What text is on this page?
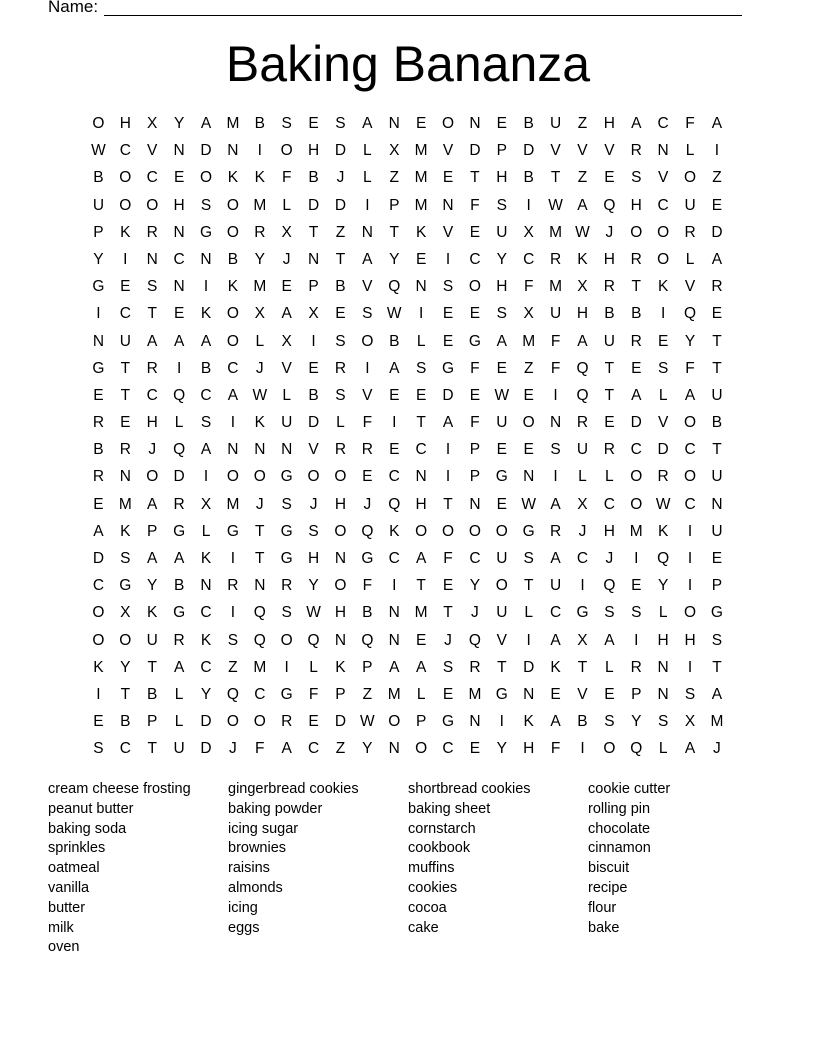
Name:
Baking Bananza
O H	X	Y	A M B	S	E	S	A	N	E	O N	E	B	U	Z	H	A	C	F	A
W C	V	N	D	N	I	O H	D	L	X M V	D	P	D	V	V	V	R	N	L	I
B	O C	E	O	K	K	F	B	J	L	Z	M E	T	H	B	T	Z	E	S	V	O	Z
U O O H	S	O M	L	D	D	I	P M N	F	S	I	W A	Q H	C	U	E
P	K	R	N G O R	X	T	Z	N	T	K	V	E	U	X M W	J	O O R	D
Y	I	N	C	N	B	Y	J	N	T	A	Y	E	I	C	Y	C	R	K	H	R O	L	A
G	E	S	N	I	K M E	P	B	V	Q N	S	O H	F	M X	R	T	K	V	R
I	C	T	E	K	O	X	A	X	E	S W	I	E	E	S	X	U	H	B	B	I	Q	E
N	U	A	A	A	O	L	X	I	S	O	B	L	E	G	A M	F	A	U	R	E	Y	T
G	T	R	I	B	C	J	V	E	R	I	A	S	G	F	E	Z	F	Q	T	E	S	F	T
E	T	C Q C	A W L	B	S	V	E	E	D	E W E	I	Q	T	A	L	A	U
R	E	H	L	S	I	K	U	D	L	F	I	T	A	F	U O N	R	E	D	V	O	B
B	R	J	Q	A	N	N	N	V	R	R	E	C	I	P	E	E	S	U	R	C	D	C	T
R	N O D	I	O O G O O	E	C	N	I	P	G N	I	L	L	O R O U
E M A	R	X M	J	S	J	H	J	Q H	T	N	E W A	X	C O W C	N
A	K	P	G	L	G	T	G	S	O Q	K	O O O O G R	J	H M K	I	U
D	S	A	A	K	I	T	G H	N G C	A	F	C	U	S	A	C	J	I	Q	I	E
C G	Y	B	N	R	N	R	Y	O	F	I	T	E	Y	O	T	U	I	Q	E	Y	I	P
O	X	K	G C	I	Q	S W H	B	N M	T	J	U	L	C G	S	S	L	O G
O O U	R	K	S	Q O Q N Q N	E	J	Q	V	I	A	X	A	I	H	H	S
K	Y	T	A	C	Z	M	I	L	K	P	A	A	S	R	T	D	K	T	L	R	N	I	T
I	T	B	L	Y	Q C G	F	P	Z	M	L	E M G N	E	V	E	P	N	S	A
E	B	P	L	D O O R	E	D W O	P	G N	I	K	A	B	S	Y	S	X M
S	C	T	U	D	J	F	A	C	Z	Y	N O C	E	Y	H	F	I	O Q	L	A	J
cream cheese frosting
peanut butter
baking soda
sprinkles
oatmeal
vanilla
butter
milk
oven
gingerbread cookies
baking powder
icing sugar
brownies
raisins
almonds
icing
eggs
shortbread cookies
baking sheet
cornstarch
cookbook
muffins
cookies
cocoa
cake
cookie cutter
rolling pin
chocolate
cinnamon
biscuit
recipe
flour
bake
